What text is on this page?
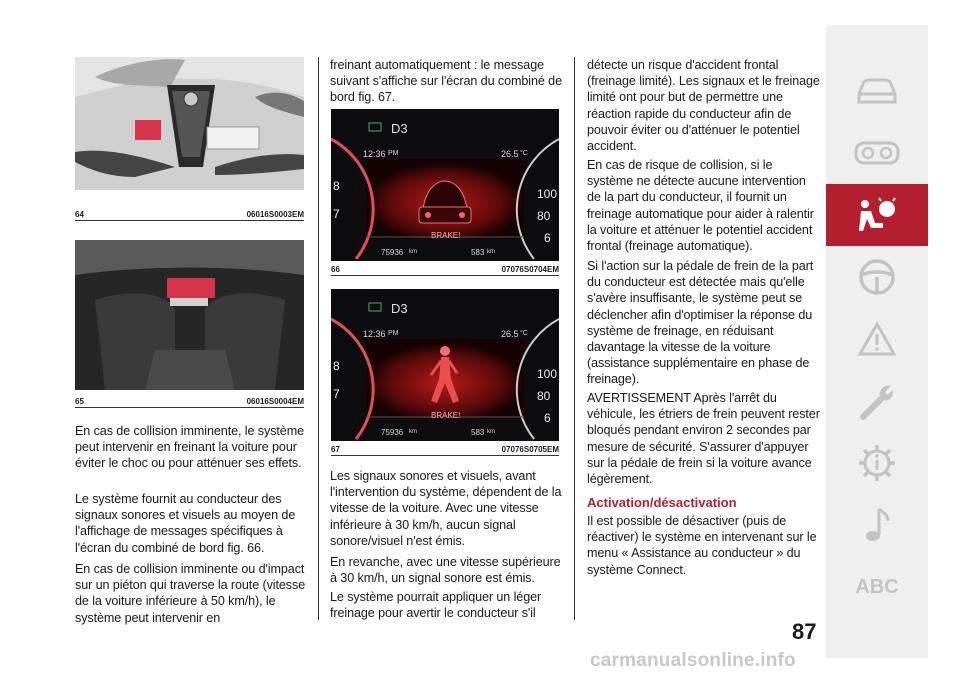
64	06016S0003EM
65	06016S0004EM

En cas de collision imminente, le système peut intervenir en freinant la voiture pour éviter le choc ou pour atténuer ses effets.

Le système fournit au conducteur des signaux sonores et visuels au moyen de l'affichage de messages spécifiques à l'écran du combiné de bord fig. 66.

En cas de collision imminente ou d'impact sur un piéton qui traverse la route (vitesse de la voiture inférieure à 50 km/h), le système peut intervenir en

freinant automatiquement : le message suivant s'affiche sur l'écran du combiné de bord fig. 67.

D3
12:36 PM	26.5 °C
BRAKE!
75936 km	583 km
8
7
100
80
6
66	07076S0704EM
D3
12:36 PM	26.5 °C
BRAKE!
75936 km	583 km
8
7
100
80
6
67	07076S0705EM

Les signaux sonores et visuels, avant l'intervention du système, dépendent de la vitesse de la voiture. Avec une vitesse inférieure à 30 km/h, aucun signal sonore/visuel n'est émis.

En revanche, avec une vitesse supérieure à 30 km/h, un signal sonore est émis.

Le système pourrait appliquer un léger freinage pour avertir le conducteur s'il

détecte un risque d'accident frontal (freinage limité). Les signaux et le freinage limité ont pour but de permettre une réaction rapide du conducteur afin de pouvoir éviter ou d'atténuer le potentiel accident.

En cas de risque de collision, si le système ne détecte aucune intervention de la part du conducteur, il fournit un freinage automatique pour aider à ralentir la voiture et atténuer le potentiel accident frontal (freinage automatique).

Si l'action sur la pédale de frein de la part du conducteur est détectée mais qu'elle s'avère insuffisante, le système peut se déclencher afin d'optimiser la réponse du système de freinage, en réduisant davantage la vitesse de la voiture (assistance supplémentaire en phase de freinage).

AVERTISSEMENT Après l'arrêt du véhicule, les étriers de frein peuvent rester bloqués pendant environ 2 secondes par mesure de sécurité. S'assurer d'appuyer sur la pédale de frein si la voiture avance légèrement.

Activation/désactivation

Il est possible de désactiver (puis de réactiver) le système en intervenant sur le menu « Assistance au conducteur » du système Connect.

ABC
87
carmanualsonline.info
